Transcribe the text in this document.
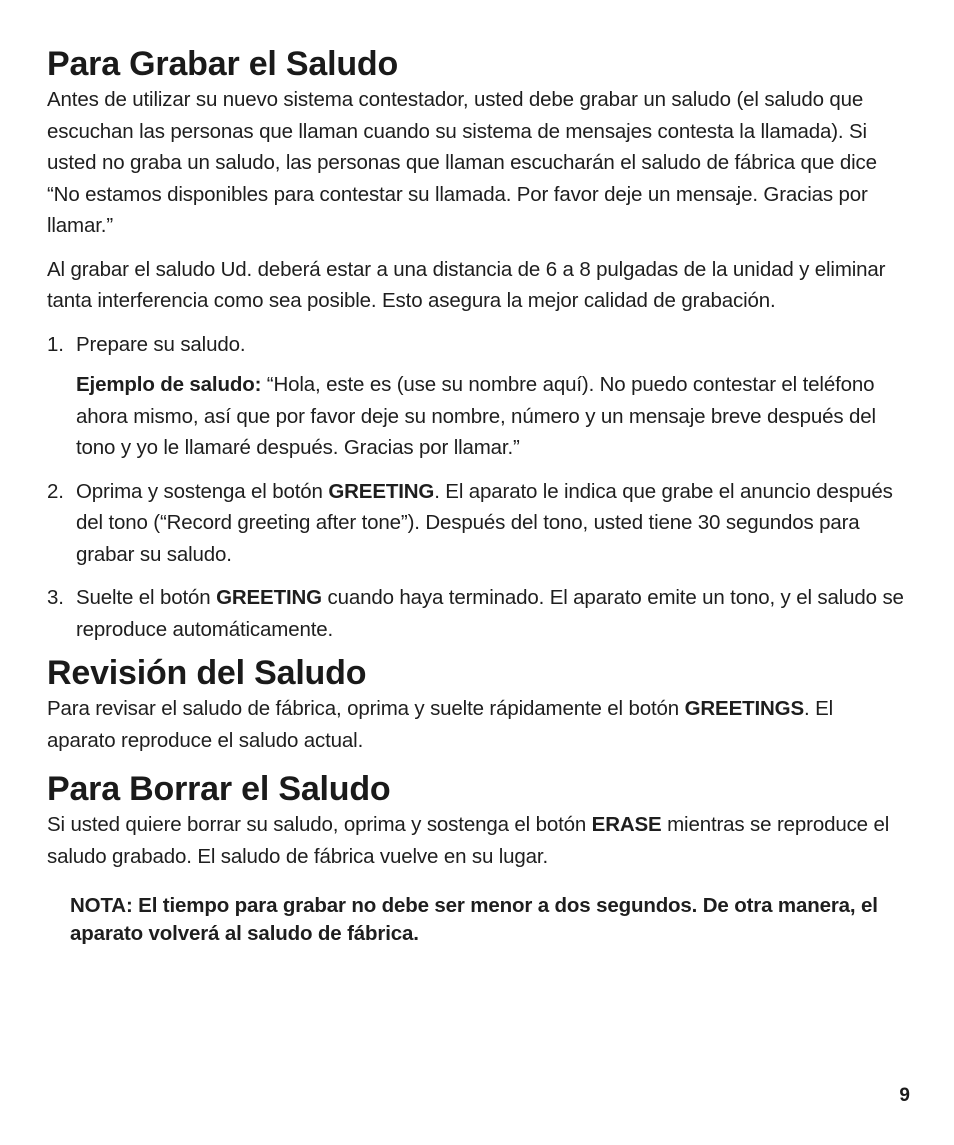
Para Grabar el Saludo

Antes de utilizar su nuevo sistema contestador, usted debe grabar un saludo (el saludo que escuchan las personas que llaman cuando su sistema de mensajes contesta la llamada). Si usted no graba un saludo, las personas que llaman escucharán el saludo de fábrica que dice “No estamos disponibles para contestar su llamada. Por favor deje un mensaje. Gracias por llamar.”

Al grabar el saludo Ud. deberá estar a una distancia de 6 a 8 pulgadas de la unidad y eliminar tanta interferencia como sea posible. Esto asegura la mejor calidad de grabación.

1. Prepare su saludo.
Ejemplo de saludo: “Hola, este es (use su nombre aquí). No puedo contestar el teléfono ahora mismo, así que por favor deje su nombre, número y un mensaje breve después del tono y yo le llamaré después. Gracias por llamar.”
2. Oprima y sostenga el botón GREETING. El aparato le indica que grabe el anuncio después del tono (“Record greeting after tone”). Después del tono, usted tiene 30 segundos para grabar su saludo.
3. Suelte el botón GREETING cuando haya terminado. El aparato emite un tono, y el saludo se reproduce automáticamente.
Revisión del Saludo

Para revisar el saludo de fábrica, oprima y suelte rápidamente el botón GREETINGS. El aparato reproduce el saludo actual.

Para Borrar el Saludo

Si usted quiere borrar su saludo, oprima y sostenga el botón ERASE mientras se reproduce el saludo grabado. El saludo de fábrica vuelve en su lugar.

NOTA: El tiempo para grabar no debe ser menor a dos segundos. De otra manera, el aparato volverá al saludo de fábrica.
9
